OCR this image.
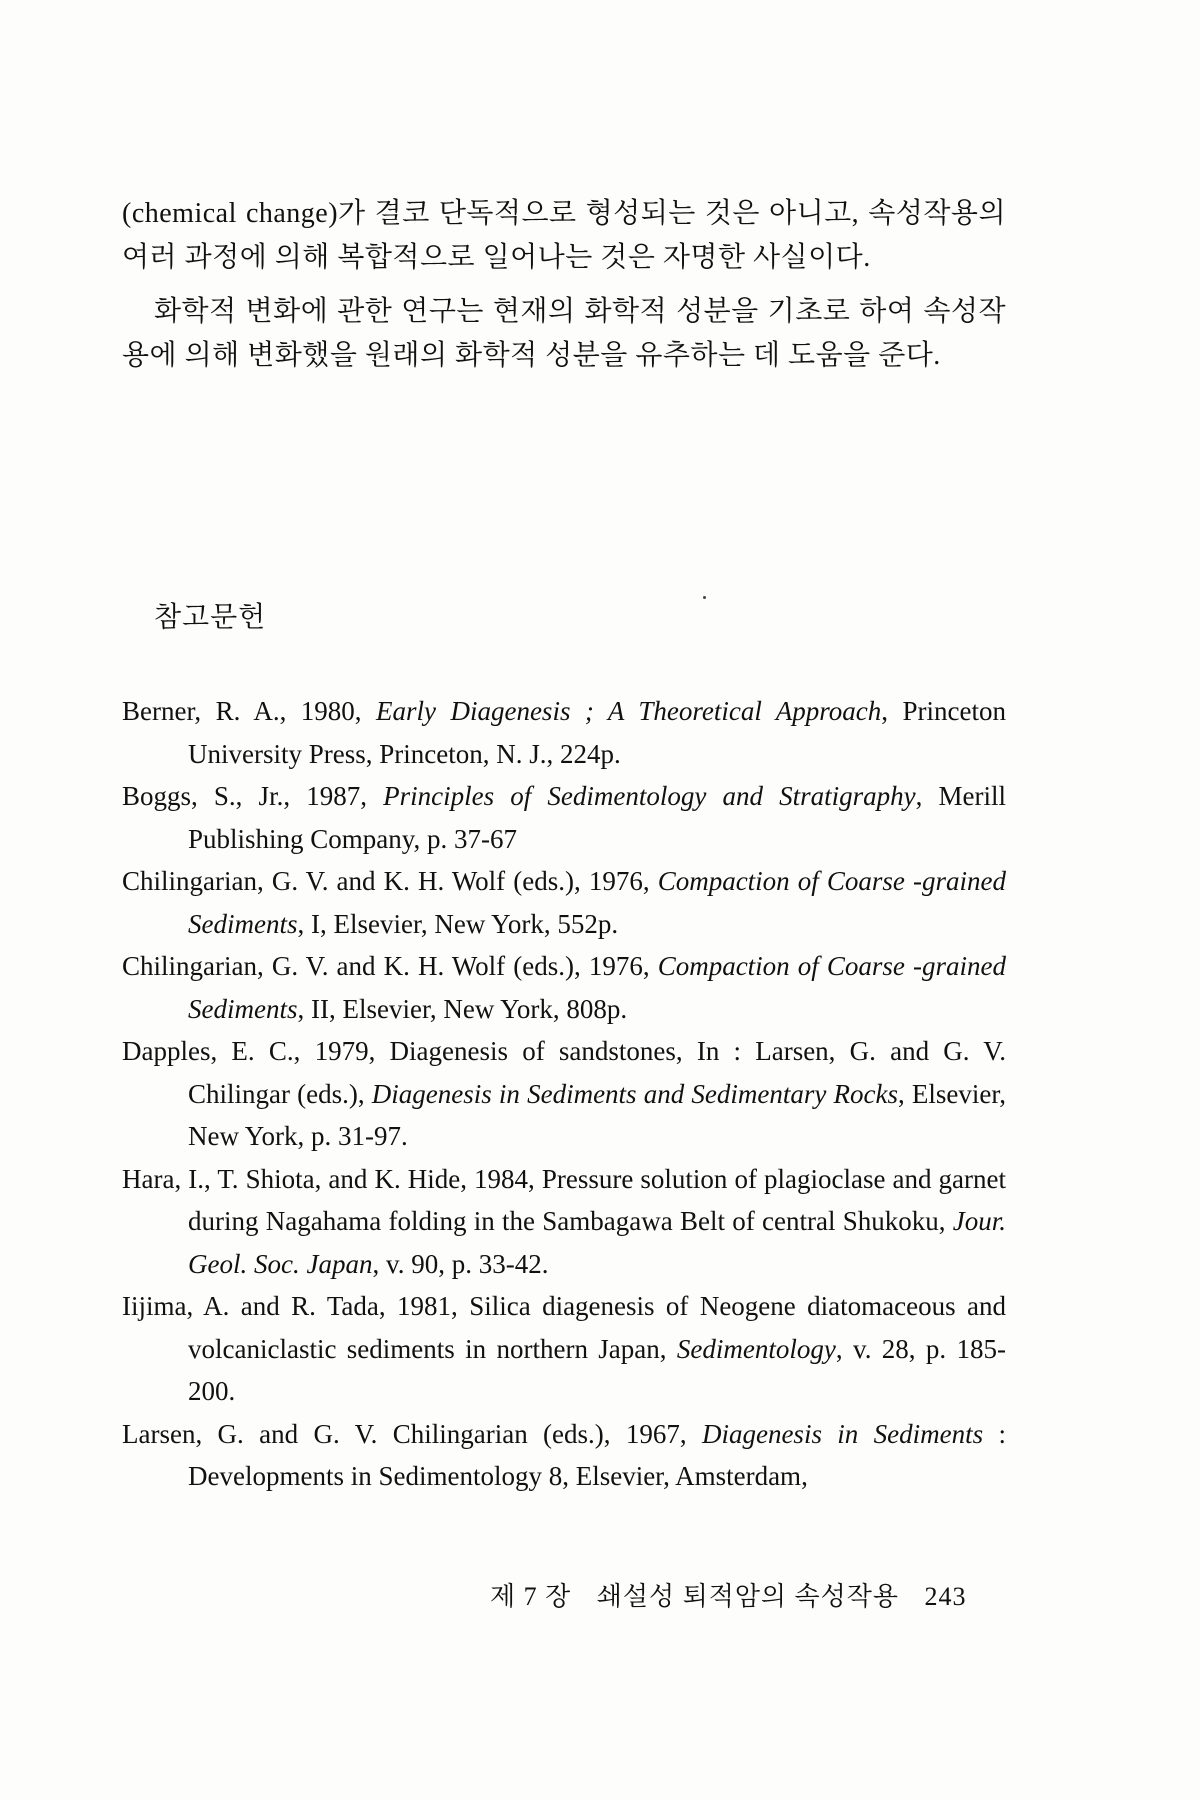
(chemical change)가 결코 단독적으로 형성되는 것은 아니고, 속성작용의 여러 과정에 의해 복합적으로 일어나는 것은 자명한 사실이다.

화학적 변화에 관한 연구는 현재의 화학적 성분을 기초로 하여 속성작용에 의해 변화했을 원래의 화학적 성분을 유추하는 데 도움을 준다.

참고문헌
Berner, R. A., 1980, Early Diagenesis ; A Theoretical Approach, Princeton University Press, Princeton, N. J., 224p.
Boggs, S., Jr., 1987, Principles of Sedimentology and Stratigraphy, Merill Publishing Company, p. 37-67
Chilingarian, G. V. and K. H. Wolf (eds.), 1976, Compaction of Coarse -grained Sediments, I, Elsevier, New York, 552p.
Chilingarian, G. V. and K. H. Wolf (eds.), 1976, Compaction of Coarse -grained Sediments, II, Elsevier, New York, 808p.
Dapples, E. C., 1979, Diagenesis of sandstones, In : Larsen, G. and G. V. Chilingar (eds.), Diagenesis in Sediments and Sedimentary Rocks, Elsevier, New York, p. 31-97.
Hara, I., T. Shiota, and K. Hide, 1984, Pressure solution of plagioclase and garnet during Nagahama folding in the Sambagawa Belt of central Shukoku, Jour. Geol. Soc. Japan, v. 90, p. 33-42.
Iijima, A. and R. Tada, 1981, Silica diagenesis of Neogene diatomaceous and volcaniclastic sediments in northern Japan, Sedimentology, v. 28, p. 185-200.
Larsen, G. and G. V. Chilingarian (eds.), 1967, Diagenesis in Sediments : Developments in Sedimentology 8, Elsevier, Amsterdam,
제 7 장 쇄설성 퇴적암의 속성작용 243
